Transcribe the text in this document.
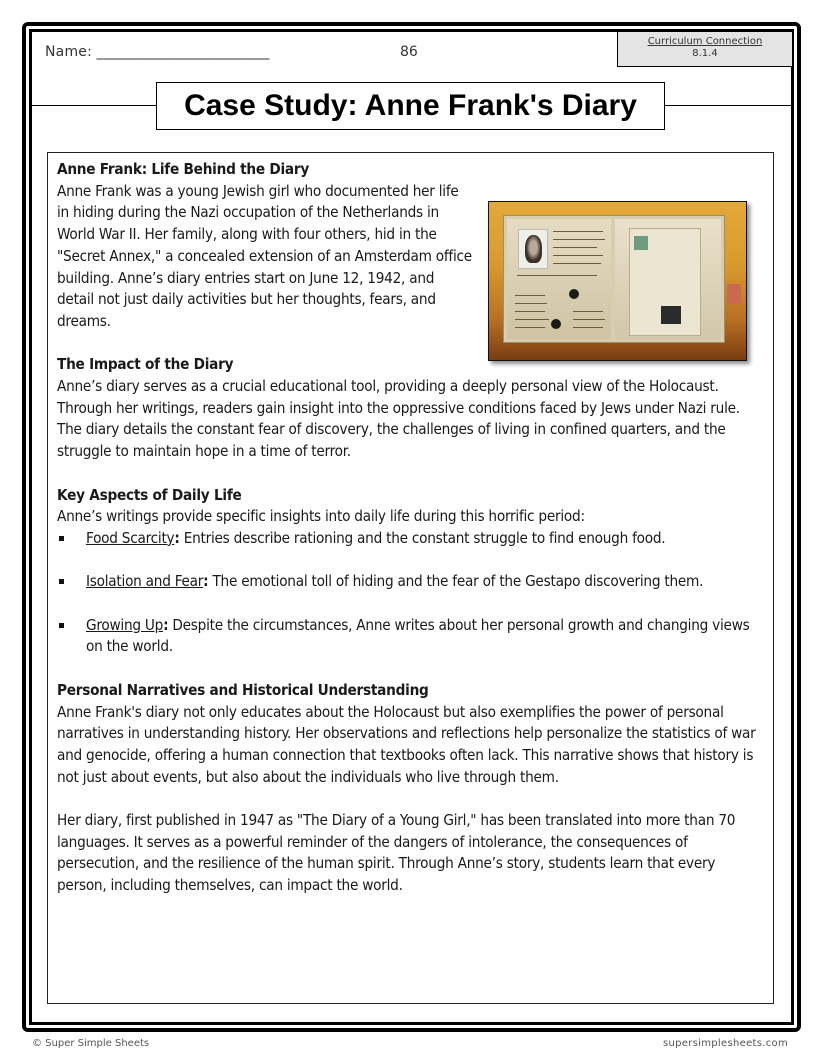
Name: ________________________	86
Curriculum Connection
8.1.4
Case Study: Anne Frank's Diary
Anne Frank: Life Behind the Diary

Anne Frank was a young Jewish girl who documented her life in hiding during the Nazi occupation of the Netherlands in World War II. Her family, along with four others, hid in the "Secret Annex," a concealed extension of an Amsterdam office building. Anne’s diary entries start on June 12, 1942, and detail not just daily activities but her thoughts, fears, and dreams.

The Impact of the Diary

Anne’s diary serves as a crucial educational tool, providing a deeply personal view of the Holocaust. Through her writings, readers gain insight into the oppressive conditions faced by Jews under Nazi rule. The diary details the constant fear of discovery, the challenges of living in confined quarters, and the struggle to maintain hope in a time of terror.

Key Aspects of Daily Life

Anne’s writings provide specific insights into daily life during this horrific period:

Food Scarcity: Entries describe rationing and the constant struggle to find enough food.
Isolation and Fear: The emotional toll of hiding and the fear of the Gestapo discovering them.
Growing Up: Despite the circumstances, Anne writes about her personal growth and changing views on the world.
Personal Narratives and Historical Understanding

Anne Frank's diary not only educates about the Holocaust but also exemplifies the power of personal narratives in understanding history. Her observations and reflections help personalize the statistics of war and genocide, offering a human connection that textbooks often lack. This narrative shows that history is not just about events, but also about the individuals who live through them.

Her diary, first published in 1947 as "The Diary of a Young Girl," has been translated into more than 70 languages. It serves as a powerful reminder of the dangers of intolerance, the consequences of persecution, and the resilience of the human spirit. Through Anne’s story, students learn that every person, including themselves, can impact the world.

© Super Simple Sheets	supersimplesheets.com
